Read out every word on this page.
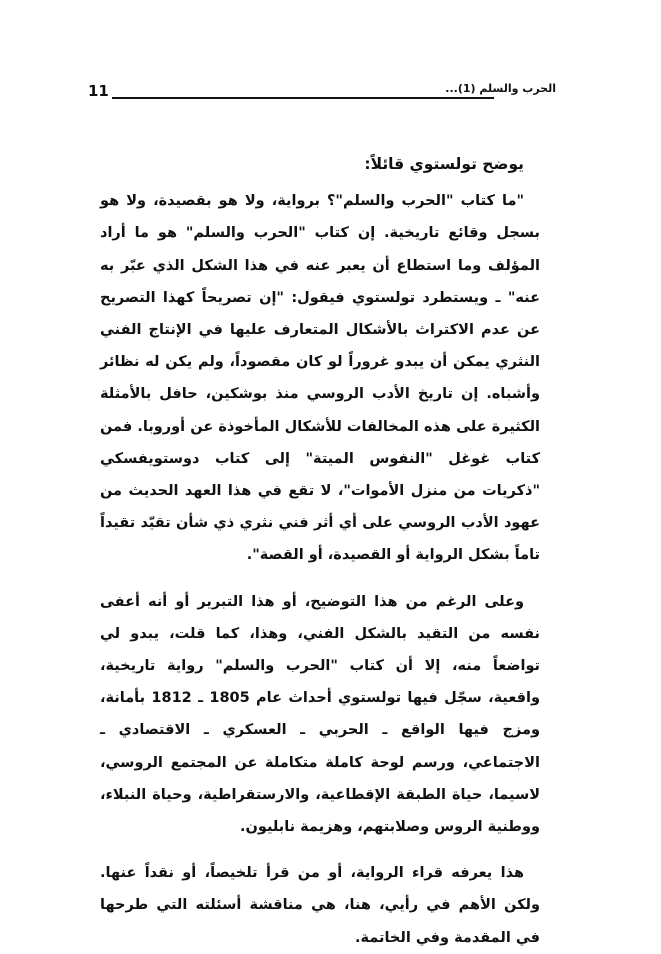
11	الحرب والسلم (1)...

يوضح تولستوي قائلاً:

"ما كتاب "الحرب والسلم"؟ برواية، ولا هو بقصيدة، ولا هو بسجل وقائع تاريخية. إن كتاب "الحرب والسلم" هو ما أراد المؤلف وما استطاع أن يعبر عنه في هذا الشكل الذي عبّر به عنه" ـ ويستطرد تولستوي فيقول: "إن تصريحاً كهذا التصريح عن عدم الاكتراث بالأشكال المتعارف عليها في الإنتاج الفني النثري يمكن أن يبدو غروراً لو كان مقصوداً، ولم يكن له نظائر وأشباه. إن تاريخ الأدب الروسي منذ بوشكين، حافل بالأمثلة الكثيرة على هذه المخالفات للأشكال المأخوذة عن أوروبا. فمن كتاب غوغل "النفوس الميتة" إلى كتاب دوستويفسكي "ذكريات من منزل الأموات"، لا تقع في هذا العهد الحديث من عهود الأدب الروسي على أي أثر فني نثري ذي شأن تقيّد تقيداً تاماً بشكل الرواية أو القصيدة، أو القصة".

وعلى الرغم من هذا التوضيح، أو هذا التبرير أو أنه أعفى نفسه من التقيد بالشكل الفني، وهذا، كما قلت، يبدو لي تواضعاً منه، إلا أن كتاب "الحرب والسلم" رواية تاريخية، واقعية، سجّل فيها تولستوي أحداث عام 1805 ـ 1812 بأمانة، ومزج فيها الواقع ـ الحربي ـ العسكري ـ الاقتصادي ـ الاجتماعي، ورسم لوحة كاملة متكاملة عن المجتمع الروسي، لاسيما، حياة الطبقة الإقطاعية، والارستقراطية، وحياة النبلاء، ووطنية الروس وصلابتهم، وهزيمة نابليون.

هذا يعرفه قراء الرواية، أو من قرأ تلخيصاً، أو نقداً عنها. ولكن الأهم في رأيي، هنا، هي مناقشة أسئلته التي طرحها في المقدمة وفي الخاتمة.
